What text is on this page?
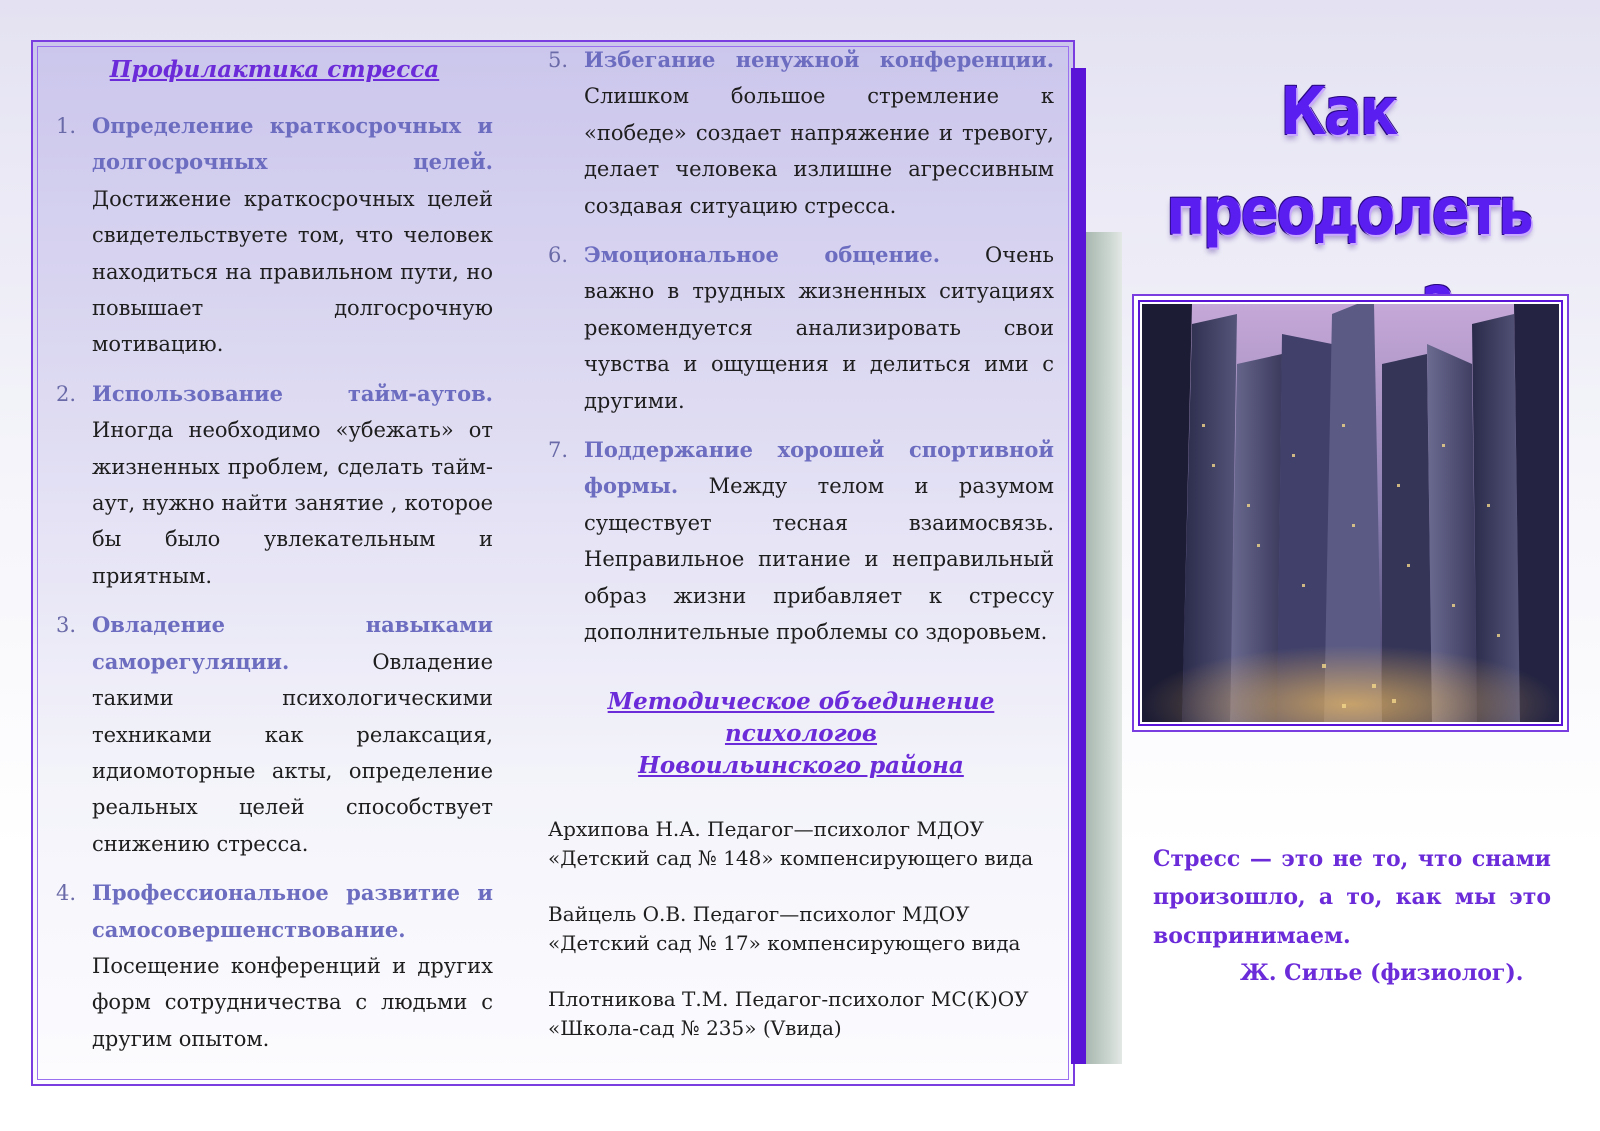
Профилактика стресса
1. Определение краткосрочных и долгосрочных целей. Достижение краткосрочных целей свидетельствуете том, что человек находиться на правильном пути, но повышает долгосрочную мотивацию.
2. Использование тайм-аутов. Иногда необходимо «убежать» от жизненных проблем, сделать тайм-аут, нужно найти занятие , которое бы было увлекательным и приятным.
3. Овладение навыками саморегуляции. Овладение такими психологическими техниками как релаксация, идиомоторные акты, определение реальных целей способствует снижению стресса.
4. Профессиональное развитие и самосовершенствование. Посещение конференций и других форм сотрудничества с людьми с другим опытом.
5. Избегание ненужной конференции. Слишком большое стремление к «победе» создает напряжение и тревогу, делает человека излишне агрессивным создавая ситуацию стресса.
6. Эмоциональное общение. Очень важно в трудных жизненных ситуациях рекомендуется анализировать свои чувства и ощущения и делиться ими с другими.
7. Поддержание хорошей спортивной формы. Между телом и разумом существует тесная взаимосвязь. Неправильное питание и неправильный образ жизни прибавляет к стрессу дополнительные проблемы со здоровьем.
Методическое объединение психологов
Новоильинского района
Архипова Н.А. Педагог—психолог МДОУ
«Детский сад № 148» компенсирующего вида
Вайцель О.В. Педагог—психолог МДОУ
«Детский сад № 17» компенсирующего вида
Плотникова Т.М. Педагог-психолог МС(К)ОУ
«Школа-сад № 235» (Vвида)
Как преодолеть
Стресс — это не то, что снами произошло, а то, как мы это воспринимаем.
Ж. Силье (физиолог).
